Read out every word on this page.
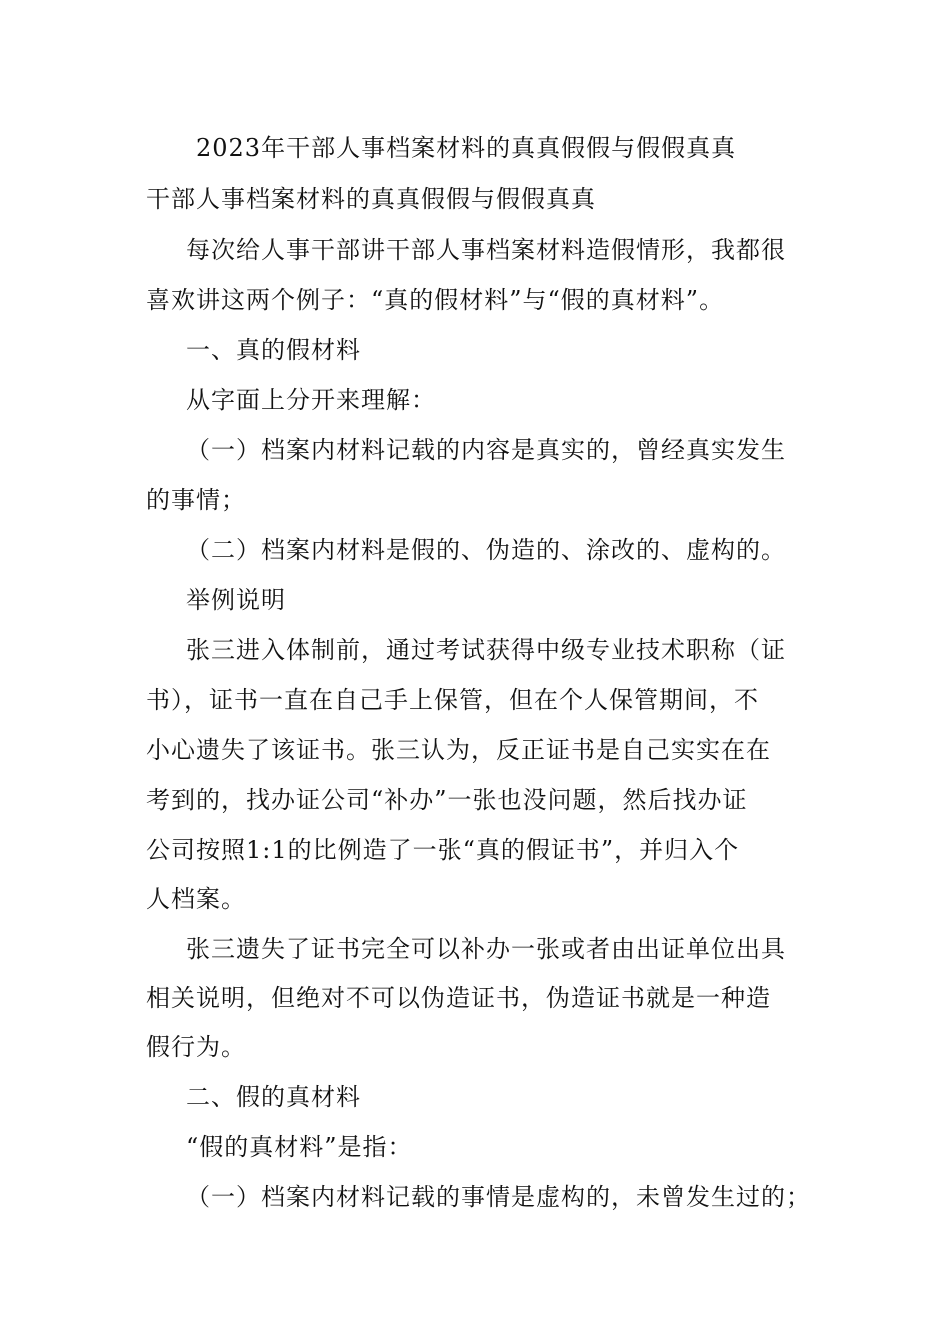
2023年干部人事档案材料的真真假假与假假真真
干部人事档案材料的真真假假与假假真真
每次给人事干部讲干部人事档案材料造假情形，我都很
喜欢讲这两个例子：“真的假材料”与“假的真材料”。
一、真的假材料
从字面上分开来理解：
（一）档案内材料记载的内容是真实的，曾经真实发生
的事情；
（二）档案内材料是假的、伪造的、涂改的、虚构的。
举例说明
张三进入体制前，通过考试获得中级专业技术职称（证
书），证书一直在自己手上保管，但在个人保管期间，不
小心遗失了该证书。张三认为，反正证书是自己实实在在
考到的，找办证公司“补办”一张也没问题，然后找办证
公司按照1:1的比例造了一张“真的假证书”，并归入个
人档案。
张三遗失了证书完全可以补办一张或者由出证单位出具
相关说明，但绝对不可以伪造证书，伪造证书就是一种造
假行为。
二、假的真材料
“假的真材料”是指：
（一）档案内材料记载的事情是虚构的，未曾发生过的；
